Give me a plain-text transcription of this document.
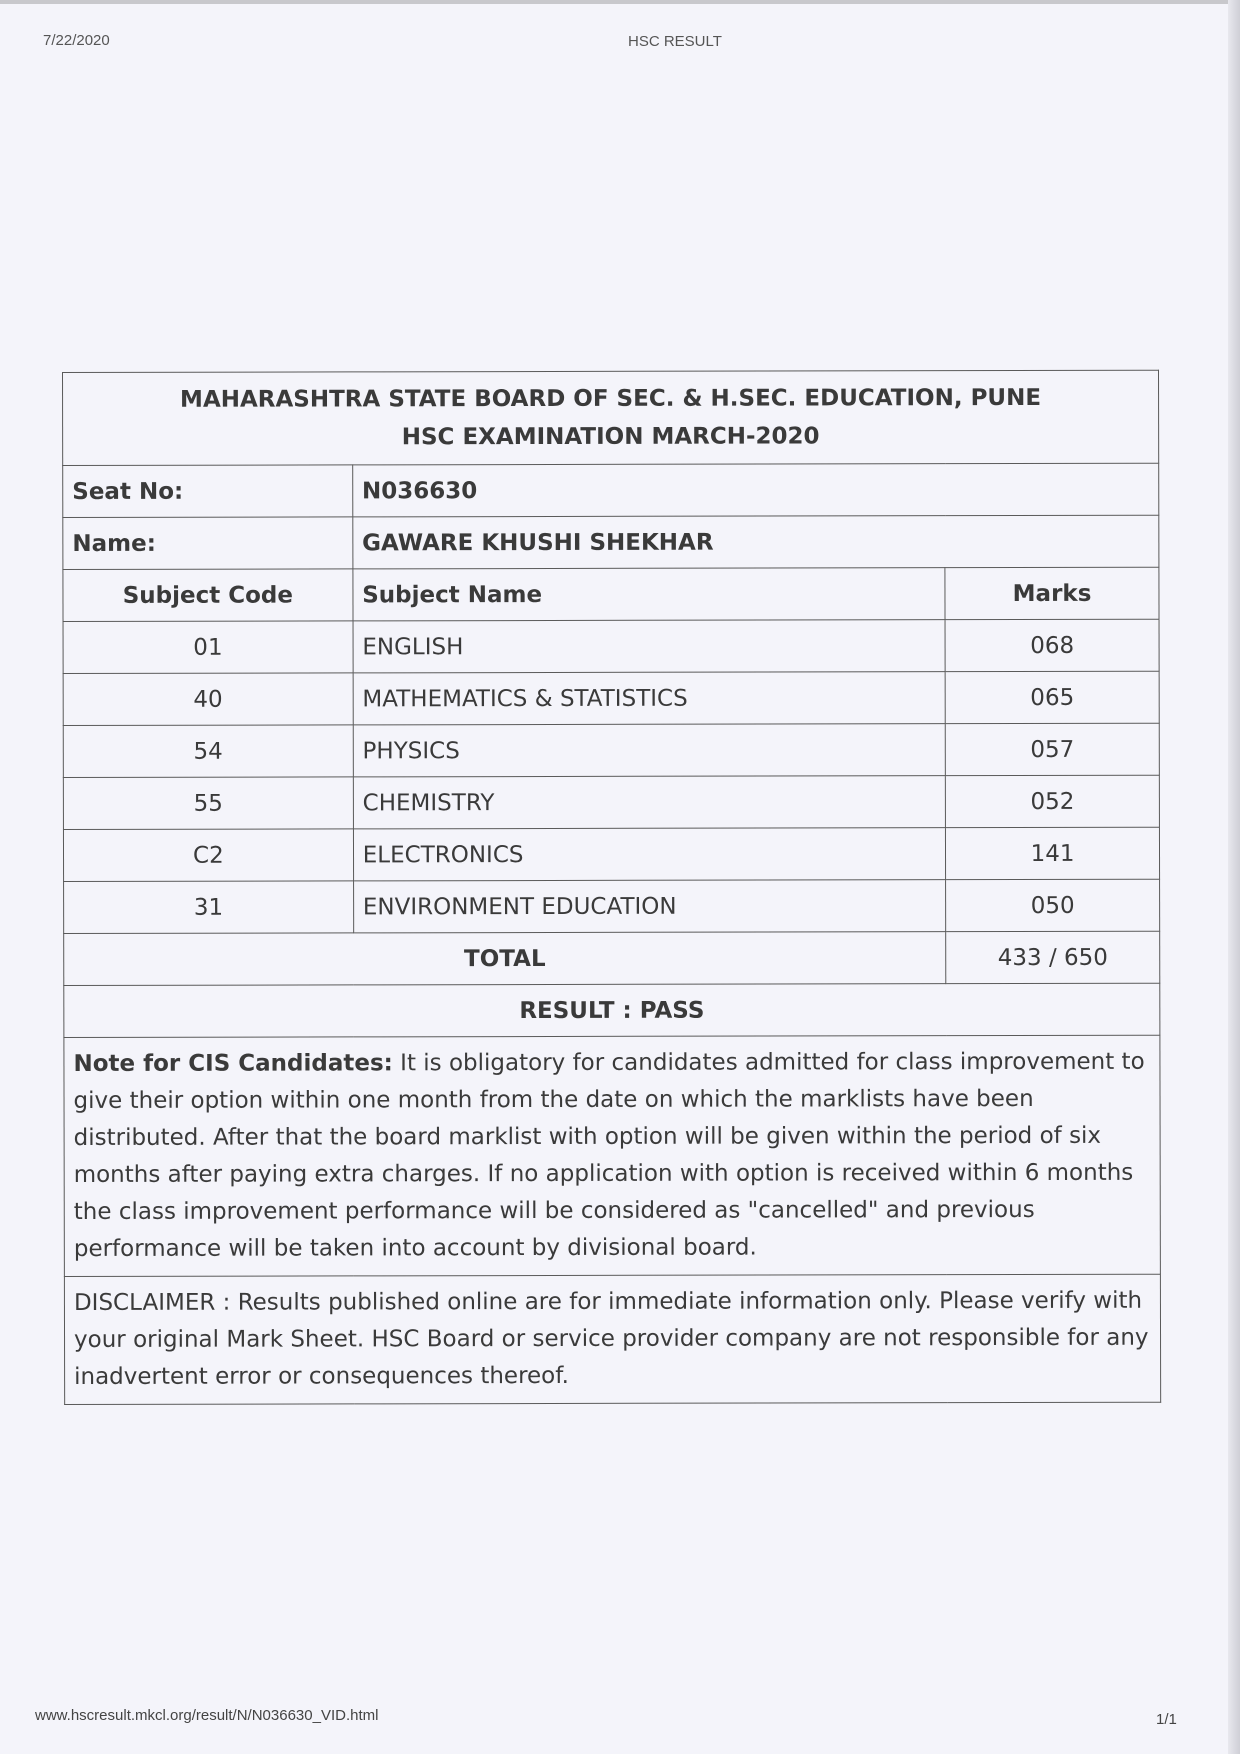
7/22/2020	HSC RESULT
MAHARASHTRA STATE BOARD OF SEC. & H.SEC. EDUCATION, PUNE
HSC EXAMINATION MARCH-2020		

Seat No:	N036630	
Name:	GAWARE KHUSHI SHEKHAR	
Subject Code	Subject Name	Marks
01	ENGLISH	068
40	MATHEMATICS & STATISTICS	065
54	PHYSICS	057
55	CHEMISTRY	052
C2	ELECTRONICS	141
31	ENVIRONMENT EDUCATION	050
TOTAL		433 / 650
RESULT : PASS		
Note for CIS Candidates: It is obligatory for candidates admitted for class improvement to give their option within one month from the date on which the marklists have been distributed. After that the board marklist with option will be given within the period of six months after paying extra charges. If no application with option is received within 6 months the class improvement performance will be considered as "cancelled" and previous performance will be taken into account by divisional board.		
DISCLAIMER : Results published online are for immediate information only. Please verify with your original Mark Sheet. HSC Board or service provider company are not responsible for any inadvertent error or consequences thereof.		
www.hscresult.mkcl.org/result/N/N036630_VID.html	1/1
